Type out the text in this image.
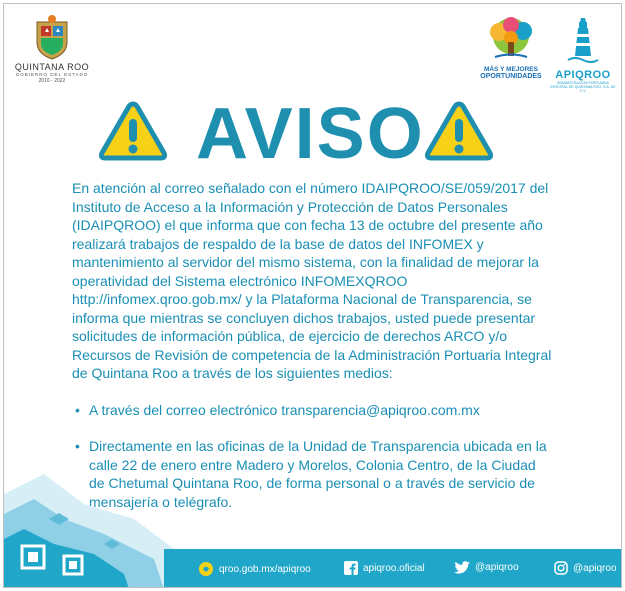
QUINTANA ROO
GOBIERNO DEL ESTADO
2016 - 2022
MÁS Y MEJORES
OPORTUNIDADES	APIQROO
ADMINISTRACIÓN PORTUARIA INTEGRAL DE QUINTANA ROO, S.A. DE C.V.
AVISO

En atención al correo señalado con el número IDAIPQROO/SE/059/2017 del Instituto de Acceso a la Información y Protección de Datos Personales (IDAIPQROO) el que informa que con fecha 13 de octubre del presente año realizará trabajos de respaldo de la base de datos del INFOMEX y mantenimiento al servidor del mismo sistema, con la finalidad de mejorar la operatividad del Sistema electrónico INFOMEXQROO http://infomex.qroo.gob.mx/ y la Plataforma Nacional de Transparencia, se informa que mientras se concluyen dichos trabajos, usted puede presentar solicitudes de información pública, de ejercicio de derechos ARCO y/o Recursos de Revisión de competencia de la Administración Portuaria Integral de Quintana Roo a través de los siguientes medios:

• A través del correo electrónico transparencia@apiqroo.com.mx
• Directamente en las oficinas de la Unidad de Transparencia ubicada en la calle 22 de enero entre Madero y Morelos, Colonia Centro, de la Ciudad de Chetumal Quintana Roo, de forma personal o a través de servicio de mensajería o telégrafo.
qroo.gob.mx/apiqroo	apiqroo.oficial	@apiqroo	@apiqroo
